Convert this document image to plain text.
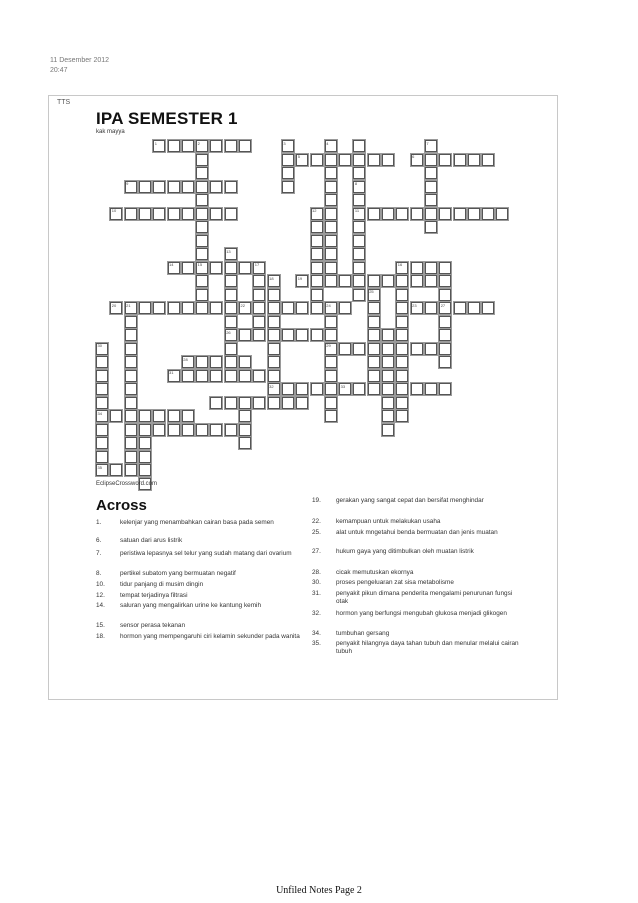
11 Desember 2012
20:47
TTS
IPA SEMESTER 1
kak mayya
1	2	3	4
5	6
7
8
9
10	11
12
13
14	15	16
17
18	19
20 21	22	23
24
25
26
27
28
29
30
31
32	33
34
35
EclipseCrossword.com
Across
1.	kelenjar yang menambahkan cairan basa pada semen
6.	satuan dari arus listrik
7.	peristiwa lepasnya sel telur yang sudah matang dari ovarium
8.	pertikel subatom yang bermuatan negatif
10.	tidur panjang di musim dingin
12.	tempat terjadinya filtrasi
14.	saluran yang mengalirkan urine ke kantung kemih
15.	sensor perasa tekanan
18.	hormon yang mempengaruhi ciri kelamin sekunder pada wanita
19.	gerakan yang sangat cepat dan bersifat menghindar
22.	kemampuan untuk melakukan usaha
25.	alat untuk mngetahui benda bermuatan dan jenis muatan
27.	hukum gaya yang ditimbulkan oleh muatan listrik
28.	cicak memutuskan ekornya
30.	proses pengeluaran zat sisa metabolisme
31.	penyakit pikun dimana penderita mengalami penurunan fungsi otak
32.	hormon yang berfungsi mengubah glukosa menjadi glikogen
34.	tumbuhan gersang
35.	penyakit hilangnya daya tahan tubuh dan menular melalui cairan tubuh
Unfiled Notes Page 2
